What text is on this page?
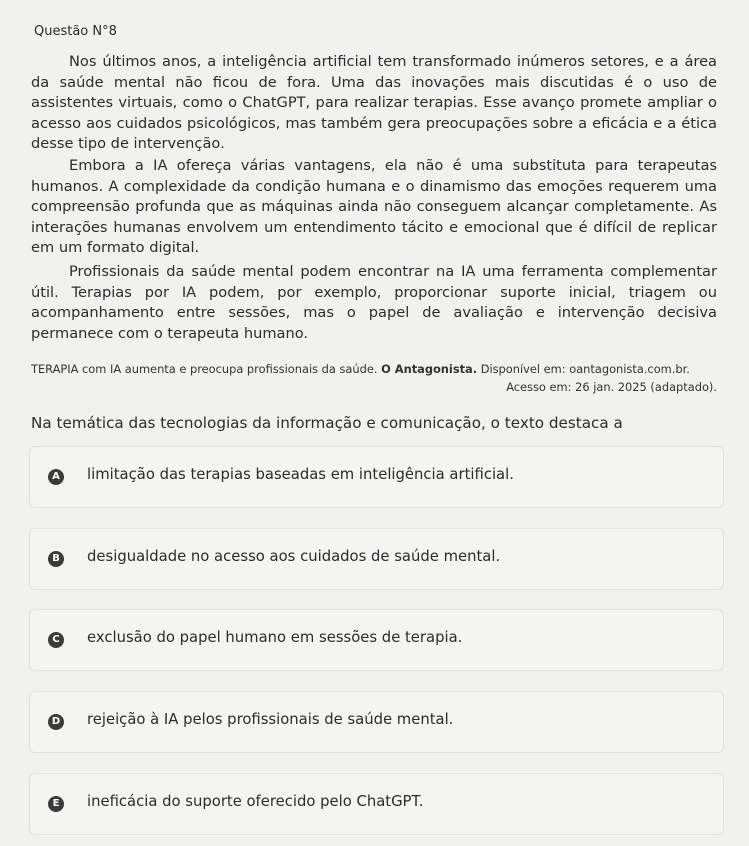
Questão N°8

Nos últimos anos, a inteligência artificial tem transformado inúmeros setores, e a área da saúde mental não ficou de fora. Uma das inovações mais discutidas é o uso de assistentes virtuais, como o ChatGPT, para realizar terapias. Esse avanço promete ampliar o acesso aos cuidados psicológicos, mas também gera preocupações sobre a eficácia e a ética desse tipo de intervenção.

Embora a IA ofereça várias vantagens, ela não é uma substituta para terapeutas humanos. A complexidade da condição humana e o dinamismo das emoções requerem uma compreensão profunda que as máquinas ainda não conseguem alcançar completamente. As interações humanas envolvem um entendimento tácito e emocional que é difícil de replicar em um formato digital.

Profissionais da saúde mental podem encontrar na IA uma ferramenta complementar útil. Terapias por IA podem, por exemplo, proporcionar suporte inicial, triagem ou acompanhamento entre sessões, mas o papel de avaliação e intervenção decisiva permanece com o terapeuta humano.

TERAPIA com IA aumenta e preocupa profissionais da saúde. O Antagonista. Disponível em: oantagonista.com.br.
Acesso em: 26 jan. 2025 (adaptado).
Na temática das tecnologias da informação e comunicação, o texto destaca a
A limitação das terapias baseadas em inteligência artificial.
B desigualdade no acesso aos cuidados de saúde mental.
C exclusão do papel humano em sessões de terapia.
D rejeição à IA pelos profissionais de saúde mental.
E	ineficácia do suporte oferecido pelo ChatGPT.
